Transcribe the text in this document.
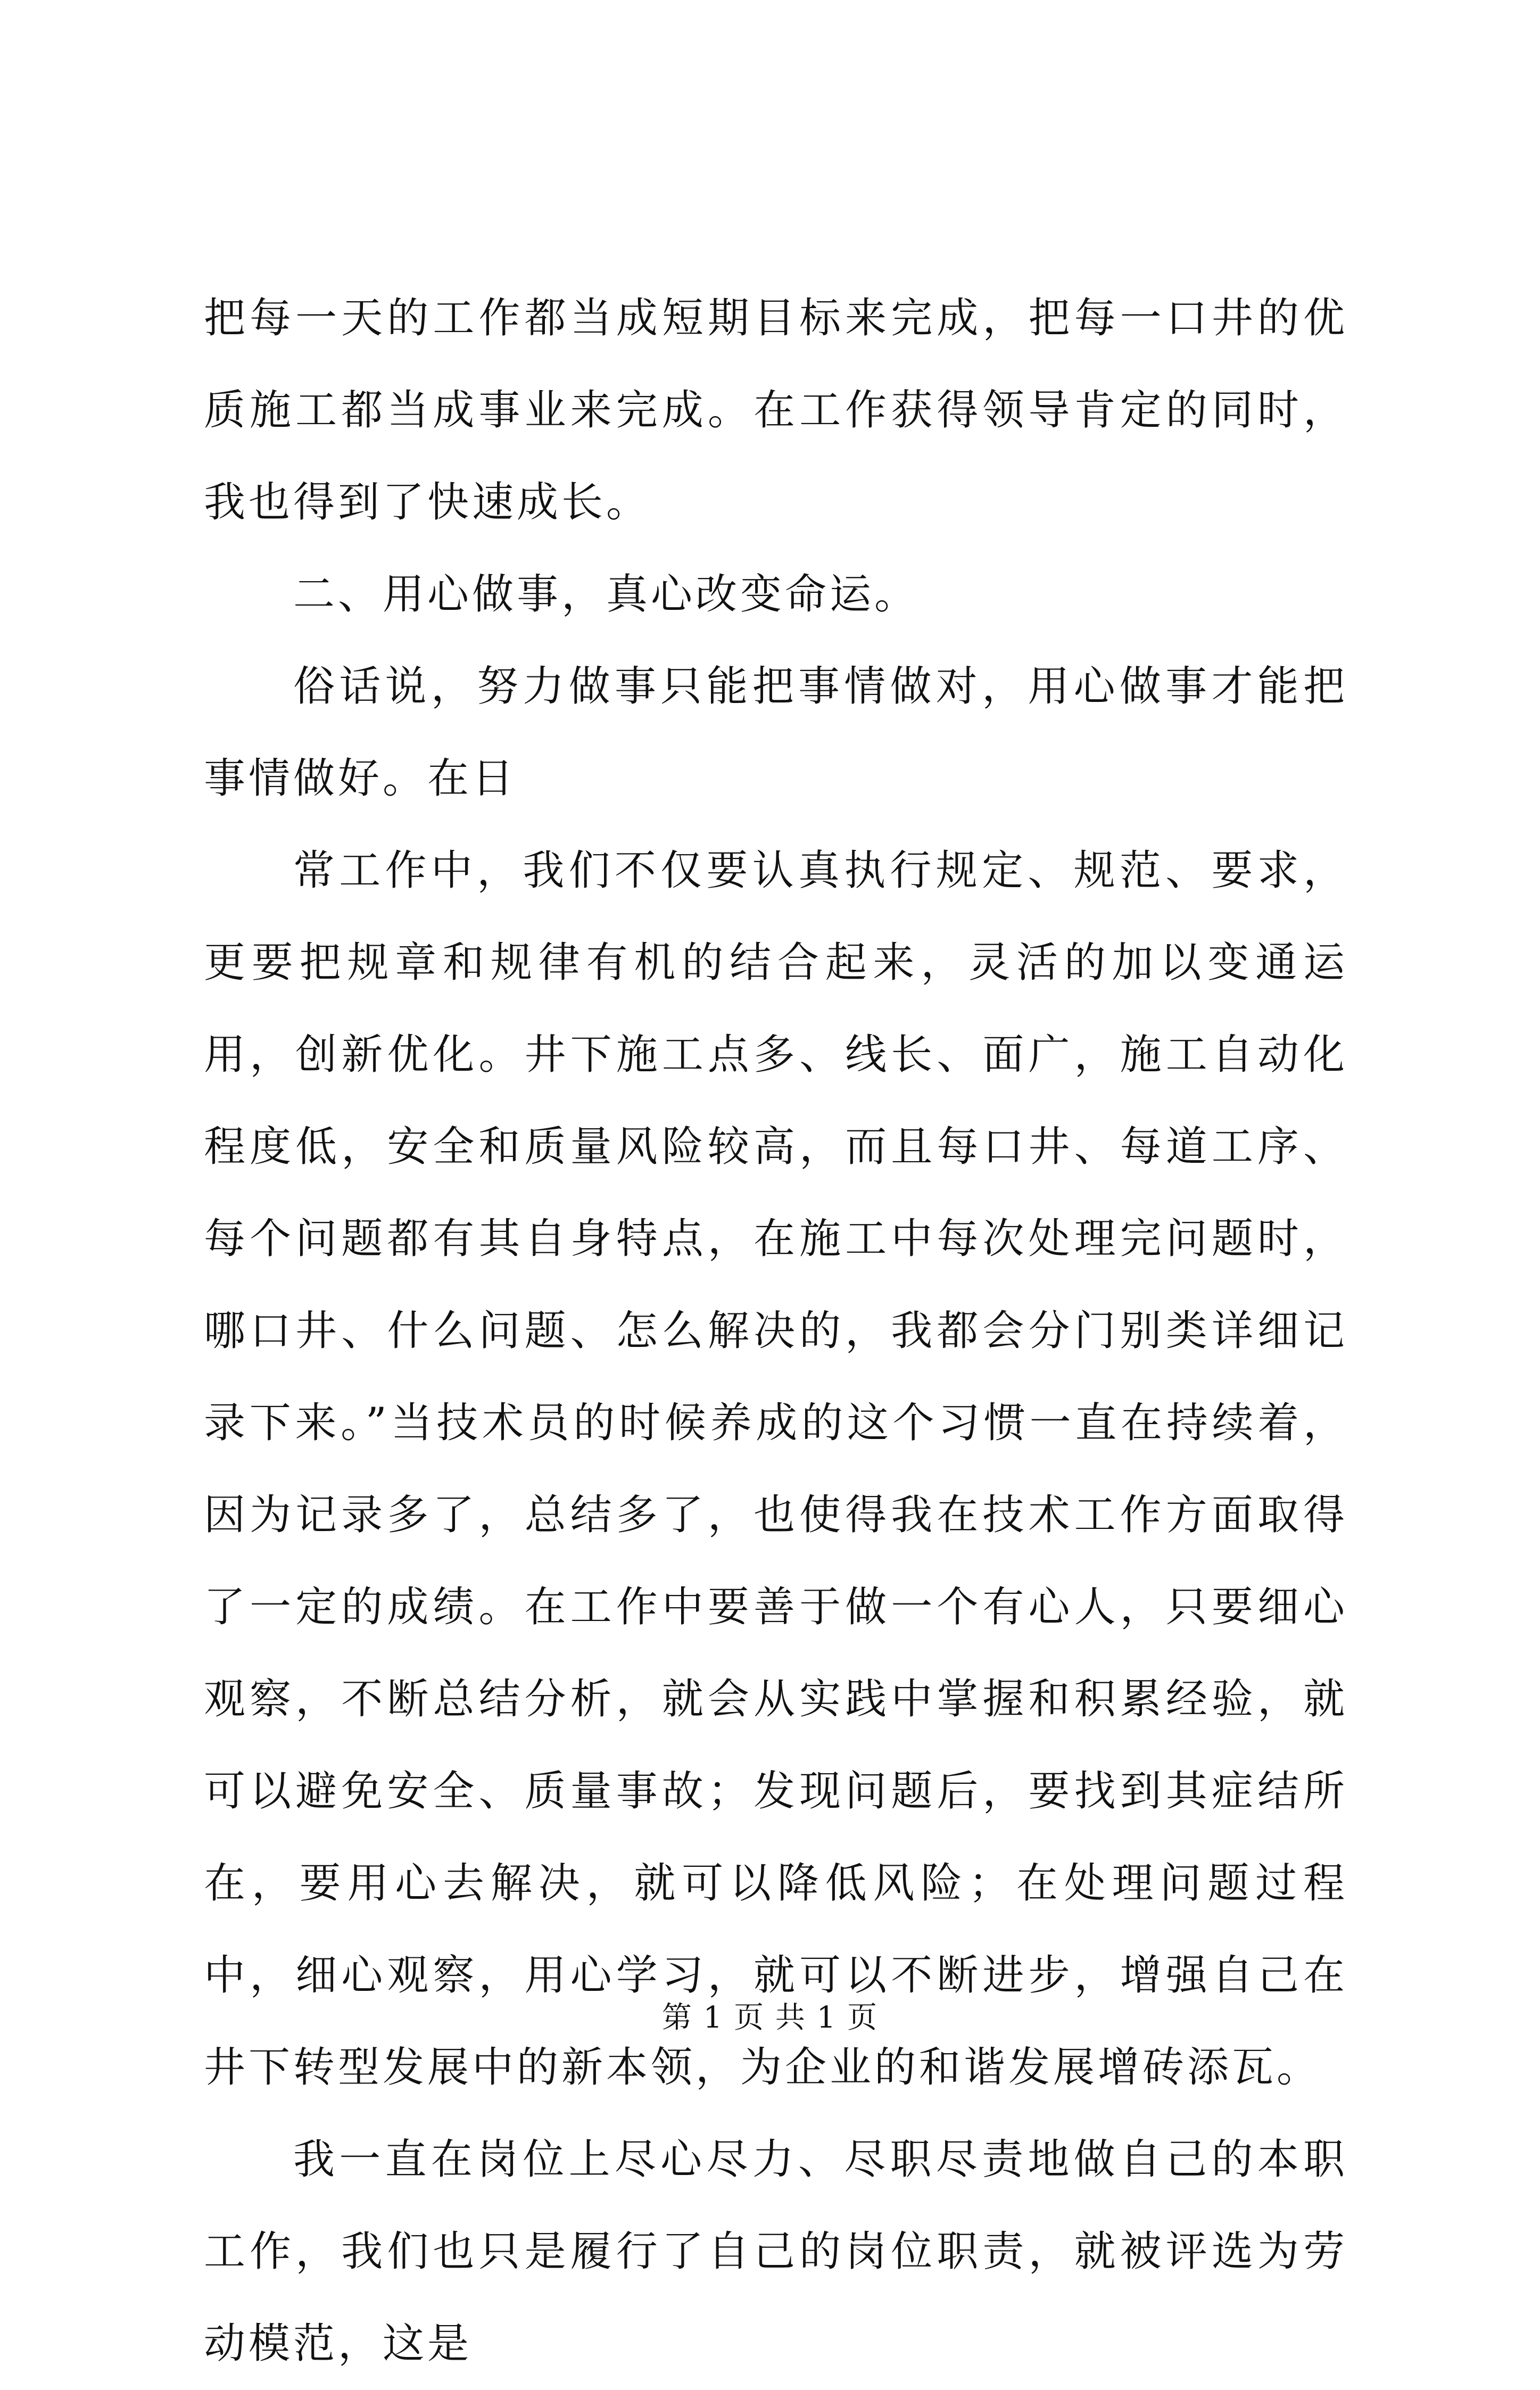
把每一天的工作都当成短期目标来完成，把每一口井的优质施工都当成事业来完成。在工作获得领导肯定的同时，我也得到了快速成长。

二、用心做事，真心改变命运。

俗话说，努力做事只能把事情做对，用心做事才能把事情做好。在日

常工作中，我们不仅要认真执行规定、规范、要求，更要把规章和规律有机的结合起来，灵活的加以变通运用，创新优化。井下施工点多、线长、面广，施工自动化程度低，安全和质量风险较高，而且每口井、每道工序、每个问题都有其自身特点，在施工中每次处理完问题时，哪口井、什么问题、怎么解决的，我都会分门别类详细记录下来。”当技术员的时候养成的这个习惯一直在持续着，因为记录多了，总结多了，也使得我在技术工作方面取得了一定的成绩。在工作中要善于做一个有心人，只要细心观察，不断总结分析，就会从实践中掌握和积累经验，就可以避免安全、质量事故；发现问题后，要找到其症结所在，要用心去解决，就可以降低风险；在处理问题过程中，细心观察，用心学习，就可以不断进步，增强自己在井下转型发展中的新本领，为企业的和谐发展增砖添瓦。

我一直在岗位上尽心尽力、尽职尽责地做自己的本职工作，我们也只是履行了自己的岗位职责，就被评选为劳动模范，这是

第 1 页 共 1 页
